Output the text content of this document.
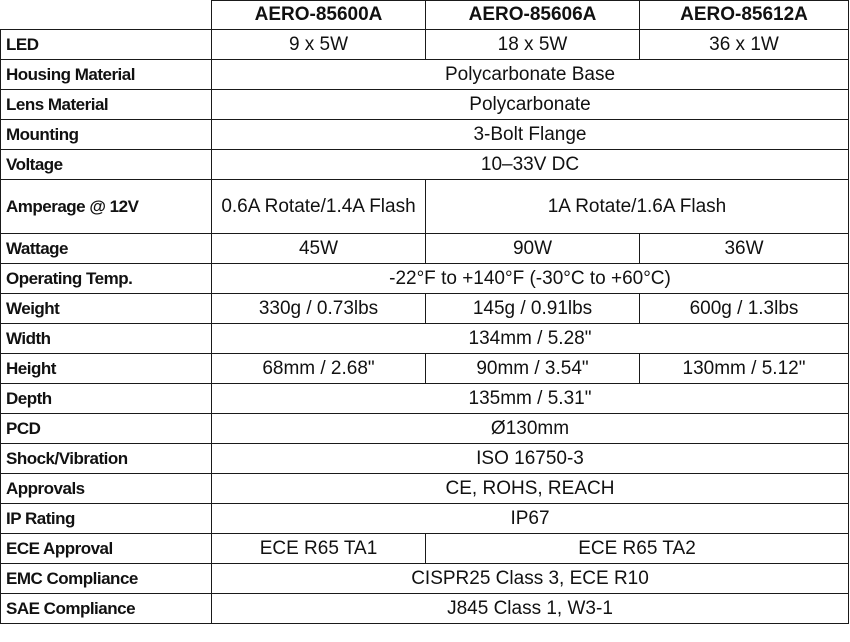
	AERO-85600A	AERO-85606A	AERO-85612A
LED	9 x 5W	18 x 5W	36 x 1W
Housing Material	Polycarbonate Base		
Lens Material	Polycarbonate		
Mounting	3-Bolt Flange		
Voltage	10–33V DC		
Amperage @ 12V	0.6A Rotate/1.4A Flash	1A Rotate/1.6A Flash	
Wattage	45W	90W	36W
Operating Temp.	-22°F to +140°F (-30°C to +60°C)		
Weight	330g / 0.73lbs	145g / 0.91lbs	600g / 1.3lbs
Width	134mm / 5.28"		
Height	68mm / 2.68"	90mm / 3.54"	130mm / 5.12"
Depth	135mm / 5.31"		
PCD	Ø130mm		
Shock/Vibration	ISO 16750-3		
Approvals	CE, ROHS, REACH		
IP Rating	IP67		
ECE Approval	ECE R65 TA1	ECE R65 TA2	
EMC Compliance	CISPR25 Class 3, ECE R10		
SAE Compliance	J845 Class 1, W3-1		
